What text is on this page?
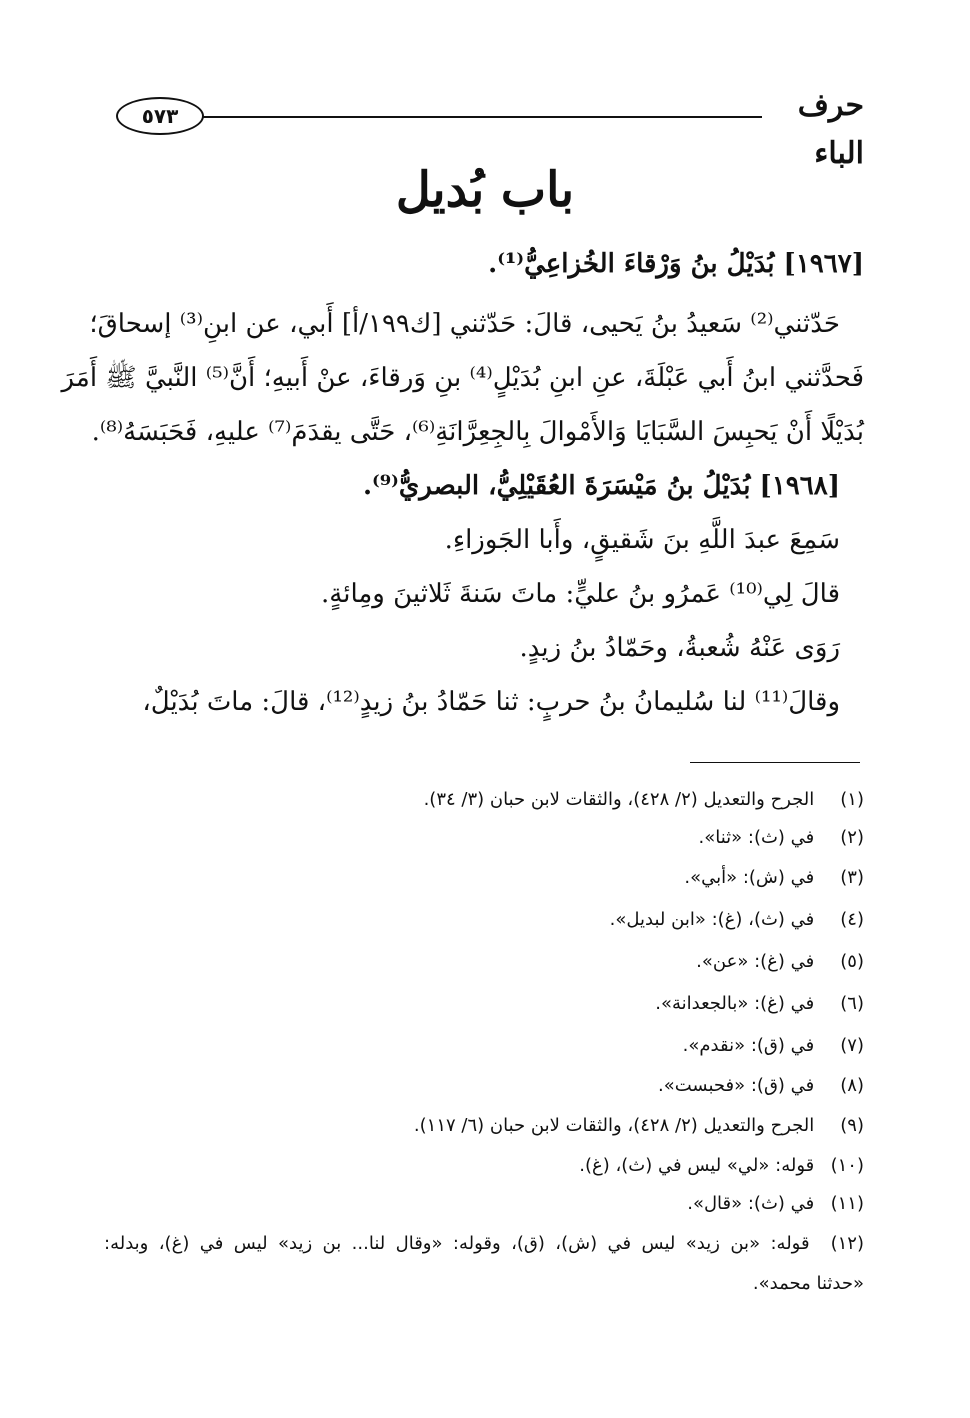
حرف الباء
٥٧٣
باب بُديل
[١٩٦٧] بُدَيْلُ بنُ وَرْقاءَ الخُزاعِيُّ⁽¹⁾.
حَدّثني⁽²⁾ سَعيدُ بنُ يَحيى، قالَ: حَدّثني [ك١٩٩/أ] أَبي، عن ابنِ⁽³⁾ إسحاقَ؛
فَحدَّثني ابنُ أَبي عَبْلَةَ، عنِ ابنِ بُدَيْلٍ⁽⁴⁾ بنِ وَرقاءَ، عنْ أَبيهِ؛ أَنَّ⁽⁵⁾ النَّبيَّ ﷺ أَمَرَ
بُدَيْلًا أَنْ يَحبِسَ السَّبَايَا وَالأَمْوالَ بِالجِعِرَّانَةِ⁽⁶⁾، حَتَّى يقدَمَ⁽⁷⁾ عليهِ، فَحَبَسَهُ⁽⁸⁾.
[١٩٦٨] بُدَيْلُ بنُ مَيْسَرَةَ العُقَيْلِيُّ، البصريُّ⁽⁹⁾.
سَمِعَ عبدَ اللَّهِ بنَ شَقيقٍ، وأَبا الجَوزاءِ.
قالَ لِي⁽¹⁰⁾ عَمرُو بنُ عليٍّ: ماتَ سَنةَ ثَلاثينَ ومِائةٍ.
رَوَى عَنْهُ شُعبةُ، وحَمّادُ بنُ زيدٍ.
وقالَ⁽¹¹⁾ لنا سُليمانُ بنُ حربٍ: ثنا حَمّادُ بنُ زيدٍ⁽¹²⁾، قالَ: ماتَ بُدَيْلٌ،
(١) الجرح والتعديل (٢/ ٤٢٨)، والثقات لابن حبان (٣/ ٣٤).
(٢) في (ث): «ثنا».
(٣) في (ش): «أبي».
(٤) في (ث)، (غ): «ابن لبديل».
(٥) في (غ): «عن».
(٦) في (غ): «بالجعدانة».
(٧) في (ق): «نقدم».
(٨) في (ق): «فحبست».
(٩) الجرح والتعديل (٢/ ٤٢٨)، والثقات لابن حبان (٦/ ١١٧).
(١٠) قوله: «لي» ليس في (ث)، (غ).
(١١) في (ث): «قال».
(١٢) قوله: «بن زيد» ليس في (ش)، (ق)، وقوله: «وقال لنا... بن زيد» ليس في (غ)، وبدله:
«حدثنا محمد».
